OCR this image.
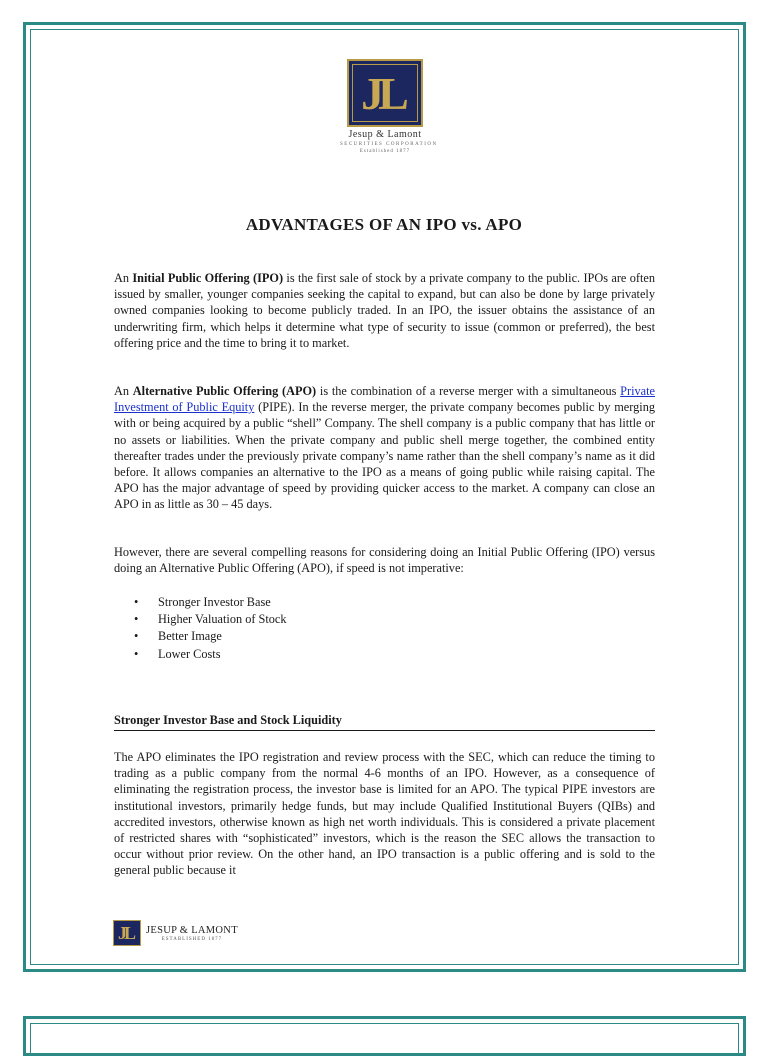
JL
Jesup & Lamont
SECURITIES CORPORATION
Established 1877
ADVANTAGES OF AN IPO vs. APO

An Initial Public Offering (IPO) is the first sale of stock by a private company to the public. IPOs are often issued by smaller, younger companies seeking the capital to expand, but can also be done by large privately owned companies looking to become publicly traded. In an IPO, the issuer obtains the assistance of an underwriting firm, which helps it determine what type of security to issue (common or preferred), the best offering price and the time to bring it to market.

An Alternative Public Offering (APO) is the combination of a reverse merger with a simultaneous Private Investment of Public Equity (PIPE). In the reverse merger, the private company becomes public by merging with or being acquired by a public “shell” Company. The shell company is a public company that has little or no assets or liabilities. When the private company and public shell merge together, the combined entity thereafter trades under the previously private company’s name rather than the shell company’s name as it did before. It allows companies an alternative to the IPO as a means of going public while raising capital. The APO has the major advantage of speed by providing quicker access to the market. A company can close an APO in as little as 30 – 45 days.

However, there are several compelling reasons for considering doing an Initial Public Offering (IPO) versus doing an Alternative Public Offering (APO), if speed is not imperative:

• Stronger Investor Base
• Higher Valuation of Stock
• Better Image
• Lower Costs
Stronger Investor Base and Stock Liquidity

The APO eliminates the IPO registration and review process with the SEC, which can reduce the timing to trading as a public company from the normal 4-6 months of an IPO. However, as a consequence of eliminating the registration process, the investor base is limited for an APO. The typical PIPE investors are institutional investors, primarily hedge funds, but may include Qualified Institutional Buyers (QIBs) and accredited investors, otherwise known as high net worth individuals. This is considered a private placement of restricted shares with “sophisticated” investors, which is the reason the SEC allows the transaction to occur without prior review. On the other hand, an IPO transaction is a public offering and is sold to the general public because it

JL	JESUP & LAMONT
ESTABLISHED 1877
